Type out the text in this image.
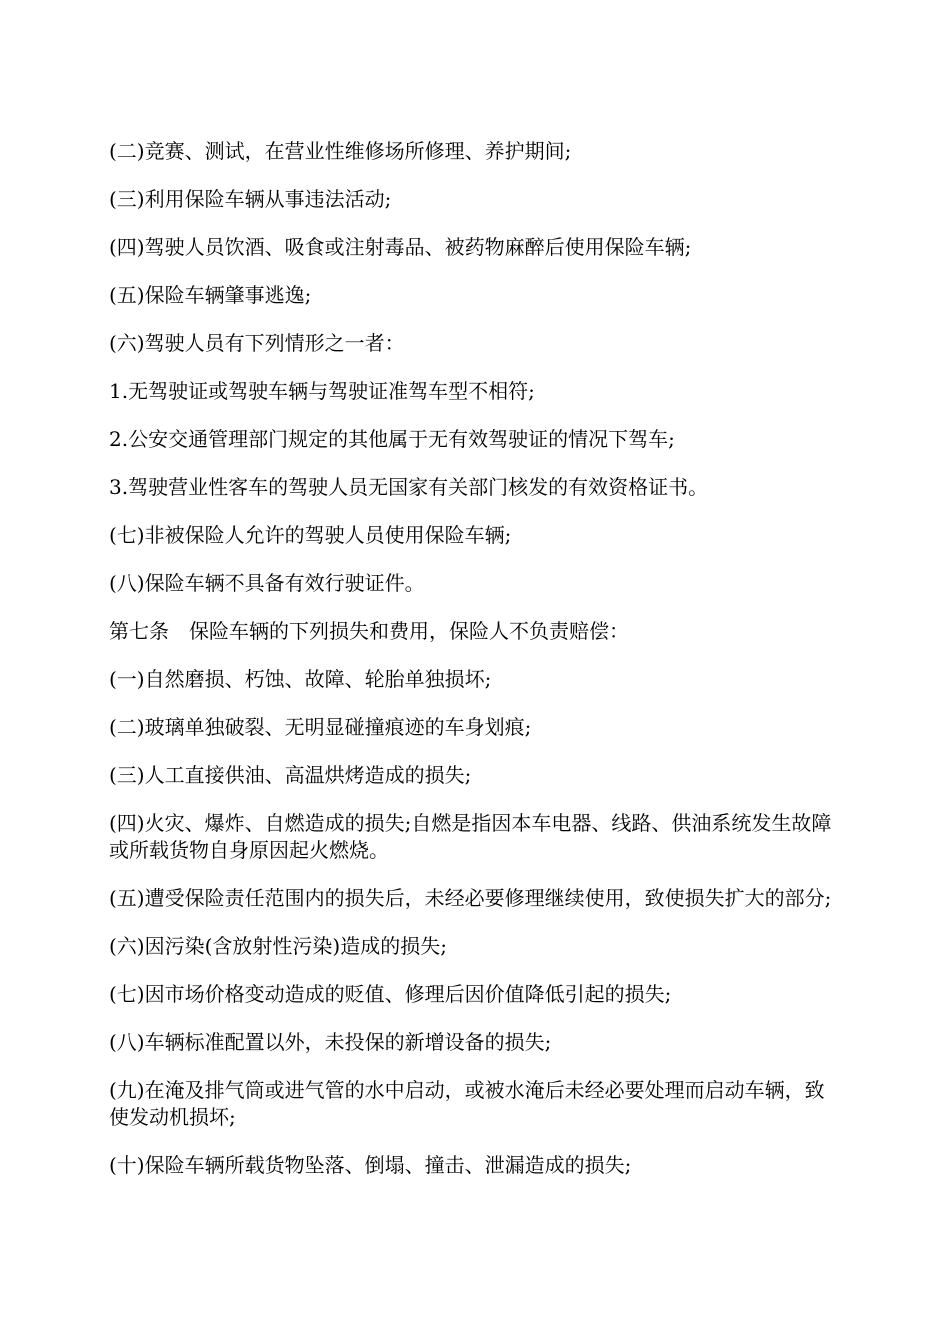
(二)竞赛、测试，在营业性维修场所修理、养护期间;

(三)利用保险车辆从事违法活动;

(四)驾驶人员饮酒、吸食或注射毒品、被药物麻醉后使用保险车辆;

(五)保险车辆肇事逃逸;

(六)驾驶人员有下列情形之一者：

1.无驾驶证或驾驶车辆与驾驶证准驾车型不相符;

2.公安交通管理部门规定的其他属于无有效驾驶证的情况下驾车;

3.驾驶营业性客车的驾驶人员无国家有关部门核发的有效资格证书。

(七)非被保险人允许的驾驶人员使用保险车辆;

(八)保险车辆不具备有效行驶证件。

第七条　保险车辆的下列损失和费用，保险人不负责赔偿：

(一)自然磨损、朽蚀、故障、轮胎单独损坏;

(二)玻璃单独破裂、无明显碰撞痕迹的车身划痕;

(三)人工直接供油、高温烘烤造成的损失;

(四)火灾、爆炸、自燃造成的损失;自燃是指因本车电器、线路、供油系统发生故障或所载货物自身原因起火燃烧。

(五)遭受保险责任范围内的损失后，未经必要修理继续使用，致使损失扩大的部分;

(六)因污染(含放射性污染)造成的损失;

(七)因市场价格变动造成的贬值、修理后因价值降低引起的损失;

(八)车辆标准配置以外，未投保的新增设备的损失;

(九)在淹及排气筒或进气管的水中启动，或被水淹后未经必要处理而启动车辆，致使发动机损坏;

(十)保险车辆所载货物坠落、倒塌、撞击、泄漏造成的损失;
